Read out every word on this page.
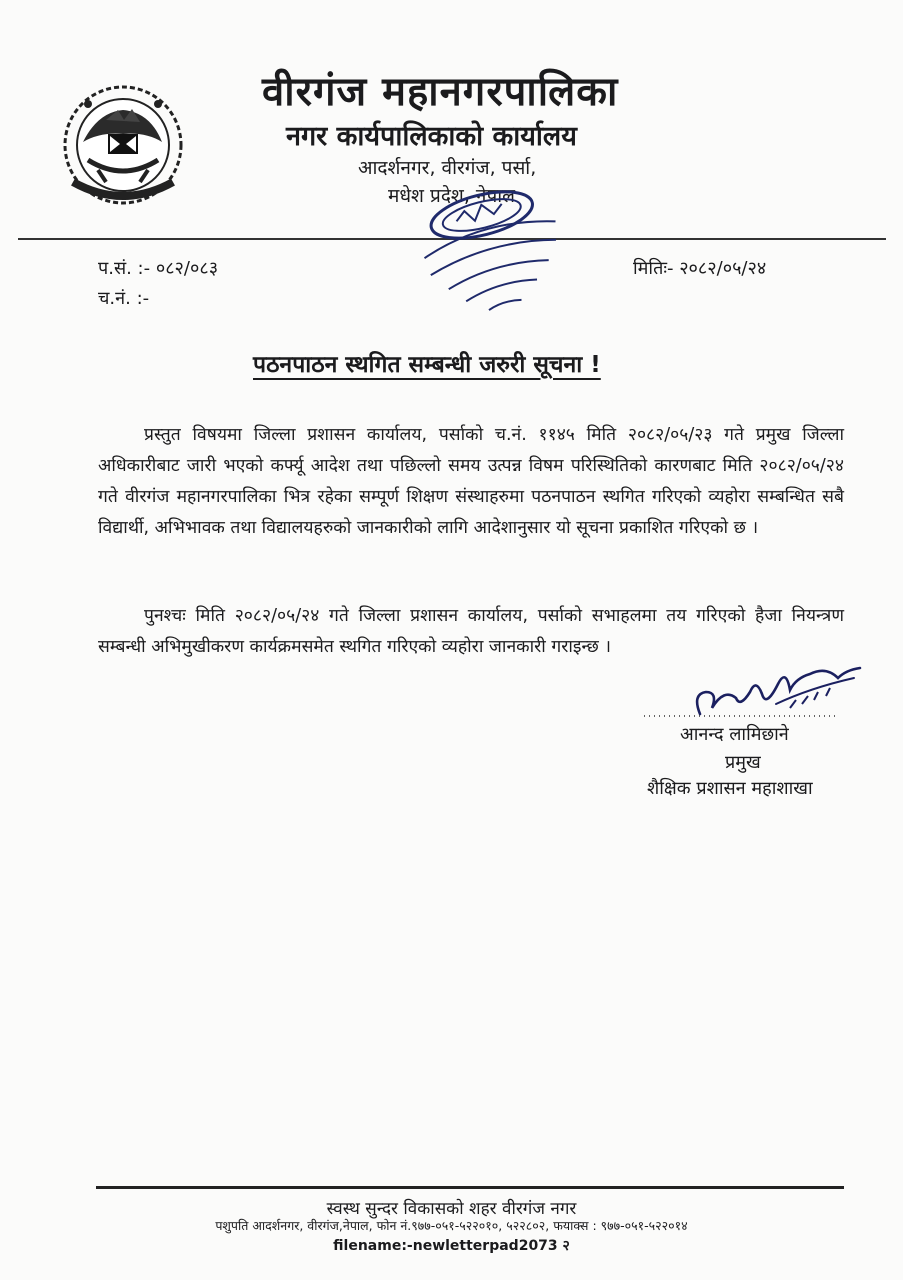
वीरगंज महानगरपालिका
नगर कार्यपालिकाको कार्यालय
आदर्शनगर, वीरगंज, पर्सा,
मधेश प्रदेश, नेपाल
प.सं. :- ०८२/०८३
च.नं. :-
मितिः- २०८२/०५/२४
पठनपाठन स्थगित सम्बन्धी जरुरी सूचना !

प्रस्तुत विषयमा जिल्ला प्रशासन कार्यालय, पर्साको च.नं. ११४५ मिति २०८२/०५/२३ गते प्रमुख जिल्ला अधिकारीबाट जारी भएको कर्फ्यू आदेश तथा पछिल्लो समय उत्पन्न विषम परिस्थितिको कारणबाट मिति २०८२/०५/२४ गते वीरगंज महानगरपालिका भित्र रहेका सम्पूर्ण शिक्षण संस्थाहरुमा पठनपाठन स्थगित गरिएको व्यहोरा सम्बन्धित सबै विद्यार्थी, अभिभावक तथा विद्यालयहरुको जानकारीको लागि आदेशानुसार यो सूचना प्रकाशित गरिएको छ ।

पुनश्चः मिति २०८२/०५/२४ गते जिल्ला प्रशासन कार्यालय, पर्साको सभाहलमा तय गरिएको हैजा नियन्त्रण सम्बन्धी अभिमुखीकरण कार्यक्रमसमेत स्थगित गरिएको व्यहोरा जानकारी गराइन्छ ।

आनन्द लामिछाने
प्रमुख
शैक्षिक प्रशासन महाशाखा
स्वस्थ सुन्दर विकासको शहर वीरगंज नगर
पशुपति आदर्शनगर, वीरगंज,नेपाल, फोन नं.९७७-०५१-५२२०१०, ५२२८०२, फयाक्स : ९७७-०५१-५२२०१४
filename:-newletterpad2073 २
